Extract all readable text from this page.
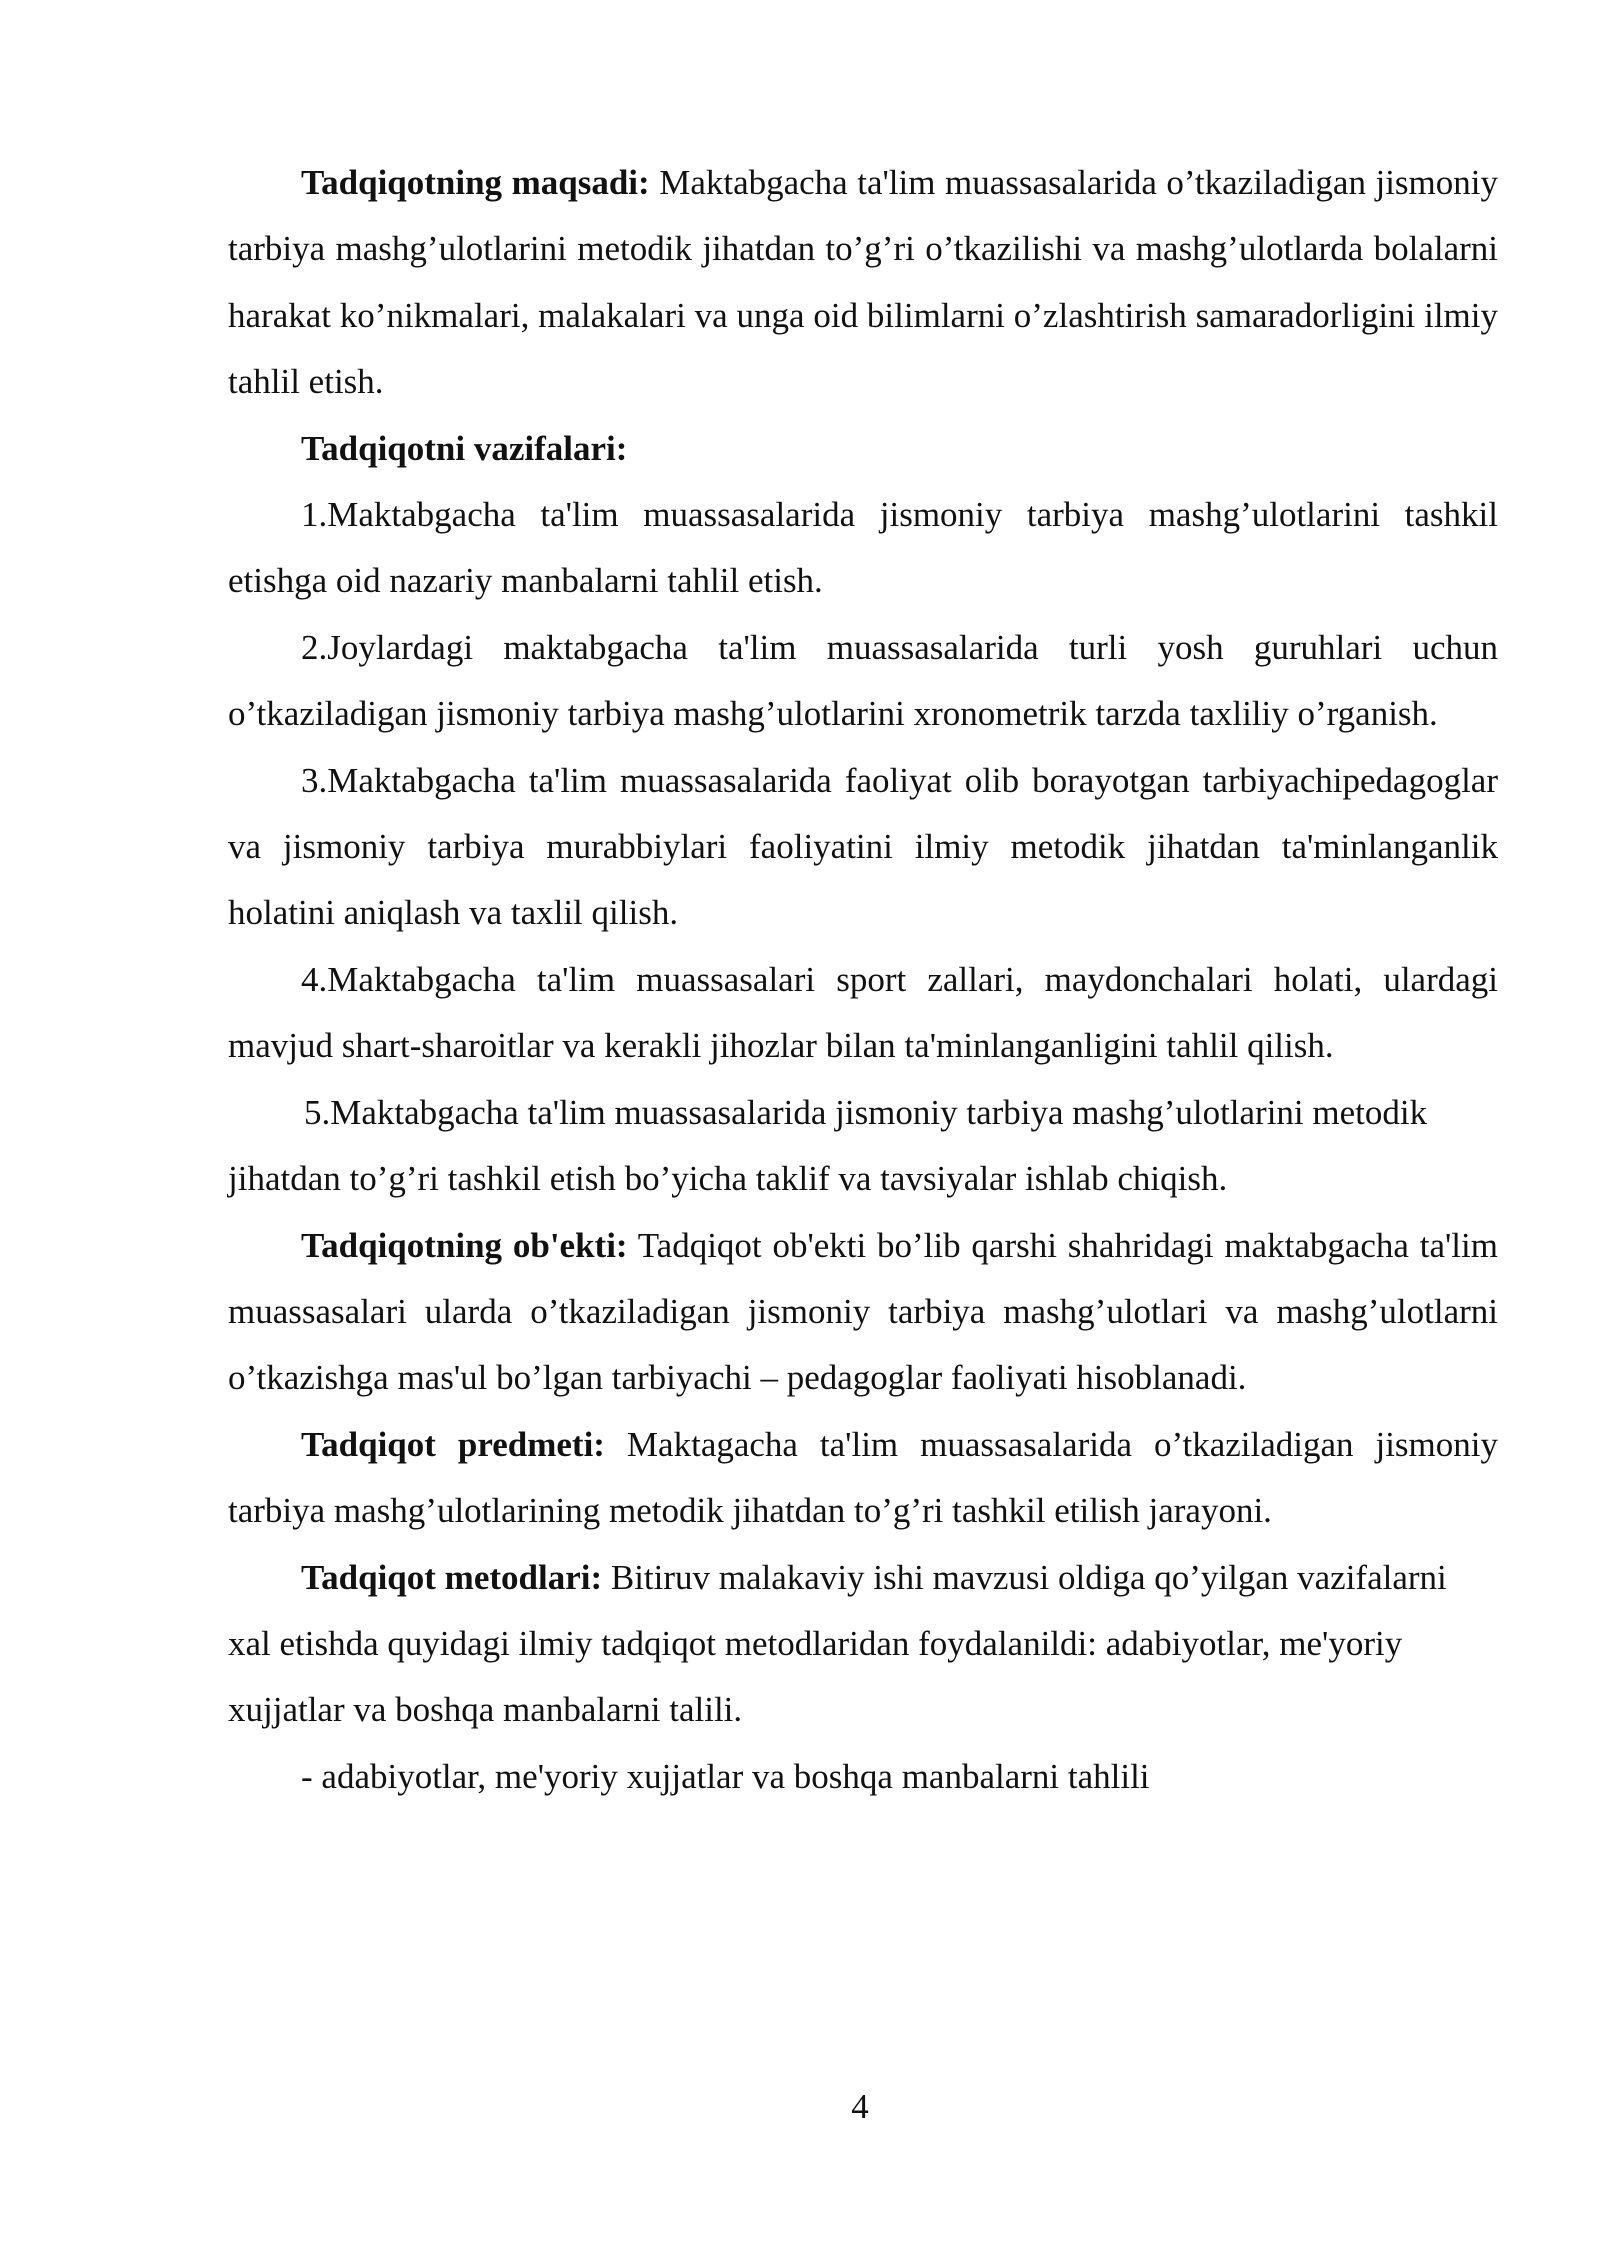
Tadqiqotning maqsadi: Maktabgacha ta'lim muassasalarida o’tkaziladigan jismoniy tarbiya mashg’ulotlarini metodik jihatdan to’g’ri o’tkazilishi va mashg’ulotlarda bolalarni harakat ko’nikmalari, malakalari va unga oid bilimlarni o’zlashtirish samaradorligini ilmiy tahlil etish.

Tadqiqotni vazifalari:

1.Maktabgacha ta'lim muassasalarida jismoniy tarbiya mashg’ulotlarini tashkil etishga oid nazariy manbalarni tahlil etish.

2.Joylardagi maktabgacha ta'lim muassasalarida turli yosh guruhlari uchun o’tkaziladigan jismoniy tarbiya mashg’ulotlarini xronometrik tarzda taxliliy o’rganish.

3.Maktabgacha ta'lim muassasalarida faoliyat olib borayotgan tarbiyachipedagoglar va jismoniy tarbiya murabbiylari faoliyatini ilmiy metodik jihatdan ta'minlanganlik holatini aniqlash va taxlil qilish.

4.Maktabgacha ta'lim muassasalari sport zallari, maydonchalari holati, ulardagi mavjud shart-sharoitlar va kerakli jihozlar bilan ta'minlanganligini tahlil qilish.

5.Maktabgacha ta'lim muassasalarida jismoniy tarbiya mashg’ulotlarini metodik jihatdan to’g’ri tashkil etish bo’yicha taklif va tavsiyalar ishlab chiqish.

Tadqiqotning ob'ekti: Tadqiqot ob'ekti bo’lib qarshi shahridagi maktabgacha ta'lim muassasalari ularda o’tkaziladigan jismoniy tarbiya mashg’ulotlari va mashg’ulotlarni o’tkazishga mas'ul bo’lgan tarbiyachi – pedagoglar faoliyati hisoblanadi.

Tadqiqot predmeti: Maktagacha ta'lim muassasalarida o’tkaziladigan jismoniy tarbiya mashg’ulotlarining metodik jihatdan to’g’ri tashkil etilish jarayoni.

Tadqiqot metodlari: Bitiruv malakaviy ishi mavzusi oldiga qo’yilgan vazifalarni xal etishda quyidagi ilmiy tadqiqot metodlaridan foydalanildi: adabiyotlar, me'yoriy xujjatlar va boshqa manbalarni talili.

- adabiyotlar, me'yoriy xujjatlar va boshqa manbalarni tahlili

4
